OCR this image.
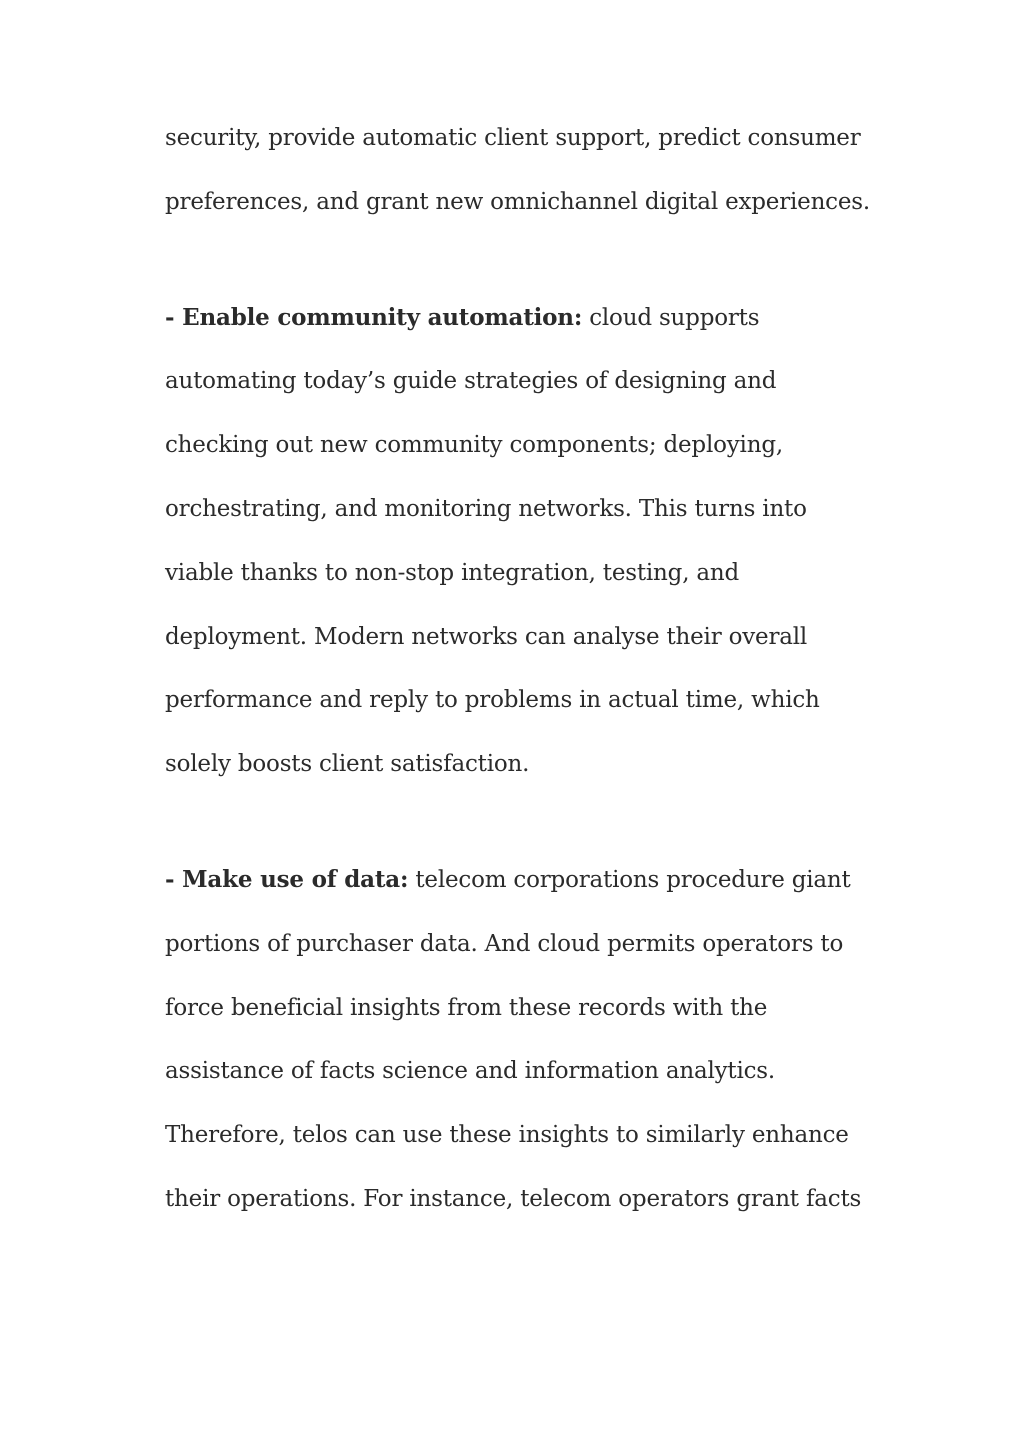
security, provide automatic client support, predict consumer
preferences, and grant new omnichannel digital experiences.

- Enable community automation: cloud supports
automating today’s guide strategies of designing and
checking out new community components; deploying,
orchestrating, and monitoring networks. This turns into
viable thanks to non-stop integration, testing, and
deployment. Modern networks can analyse their overall
performance and reply to problems in actual time, which
solely boosts client satisfaction.

- Make use of data: telecom corporations procedure giant
portions of purchaser data. And cloud permits operators to
force beneficial insights from these records with the
assistance of facts science and information analytics.
Therefore, telos can use these insights to similarly enhance
their operations. For instance, telecom operators grant facts
